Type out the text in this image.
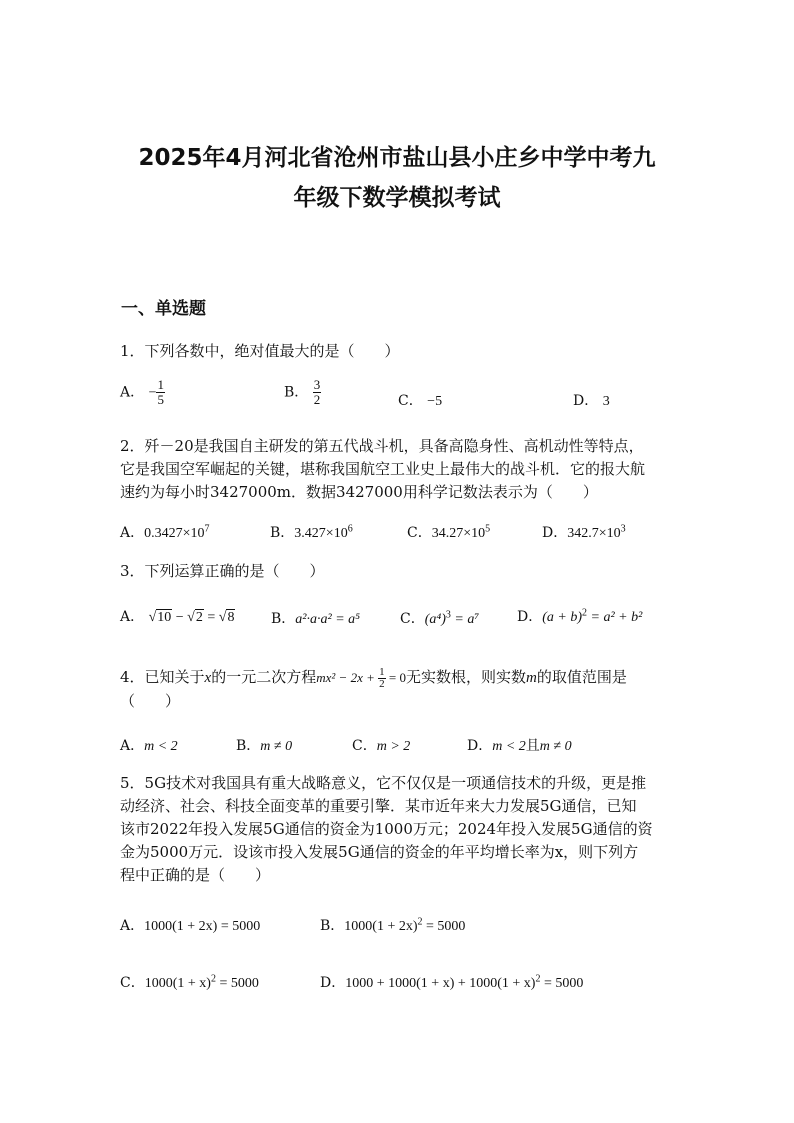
2025年4月河北省沧州市盐山县小庄乡中学中考九
年级下数学模拟考试
一、单选题
1．下列各数中，绝对值最大的是（　　）
A． − $\frac{1}{5}$	B． $\frac{3}{2}$	C． −5	D． 3
2．歼－20是我国自主研发的第五代战斗机，具备高隐身性、高机动性等特点，
它是我国空军崛起的关键，堪称我国航空工业史上最伟大的战斗机．它的报大航
速约为每小时3427000m．数据3427000用科学记数法表示为（　　）
A．$0.3427\times 10^7$	B．$3.427\times 10^6$	C．$34.27\times 10^5$	D．$342.7\times 10^3$
3．下列运算正确的是（　　）
A． √10 − √2 = √8	B．a²·a·a² = a⁵	C．$(a^4)^3 = a^7$	D．$(a + b)^2 = a^2 + b^2$
4．已知关于x的一元二次方程$mx^2 - 2x + \frac{1}{2} = 0$无实数根，则实数m的取值范围是
（　　）
A．m < 2	B．m ≠ 0	C．m > 2	D．m < 2且m ≠ 0
5．5G技术对我国具有重大战略意义，它不仅仅是一项通信技术的升级，更是推
动经济、社会、科技全面变革的重要引擎．某市近年来大力发展5G通信，已知
该市2022年投入发展5G通信的资金为1000万元；2024年投入发展5G通信的资
金为5000万元．设该市投入发展5G通信的资金的年平均增长率为x，则下列方
程中正确的是（　　）
A．1000(1 + 2x) = 5000	B．$1000(1 + 2x)^2 = 5000$
C．$1000(1 + x)^2 = 5000$	D．$1000 + 1000(1 + x) + 1000(1 + x)^2 = 5000$
